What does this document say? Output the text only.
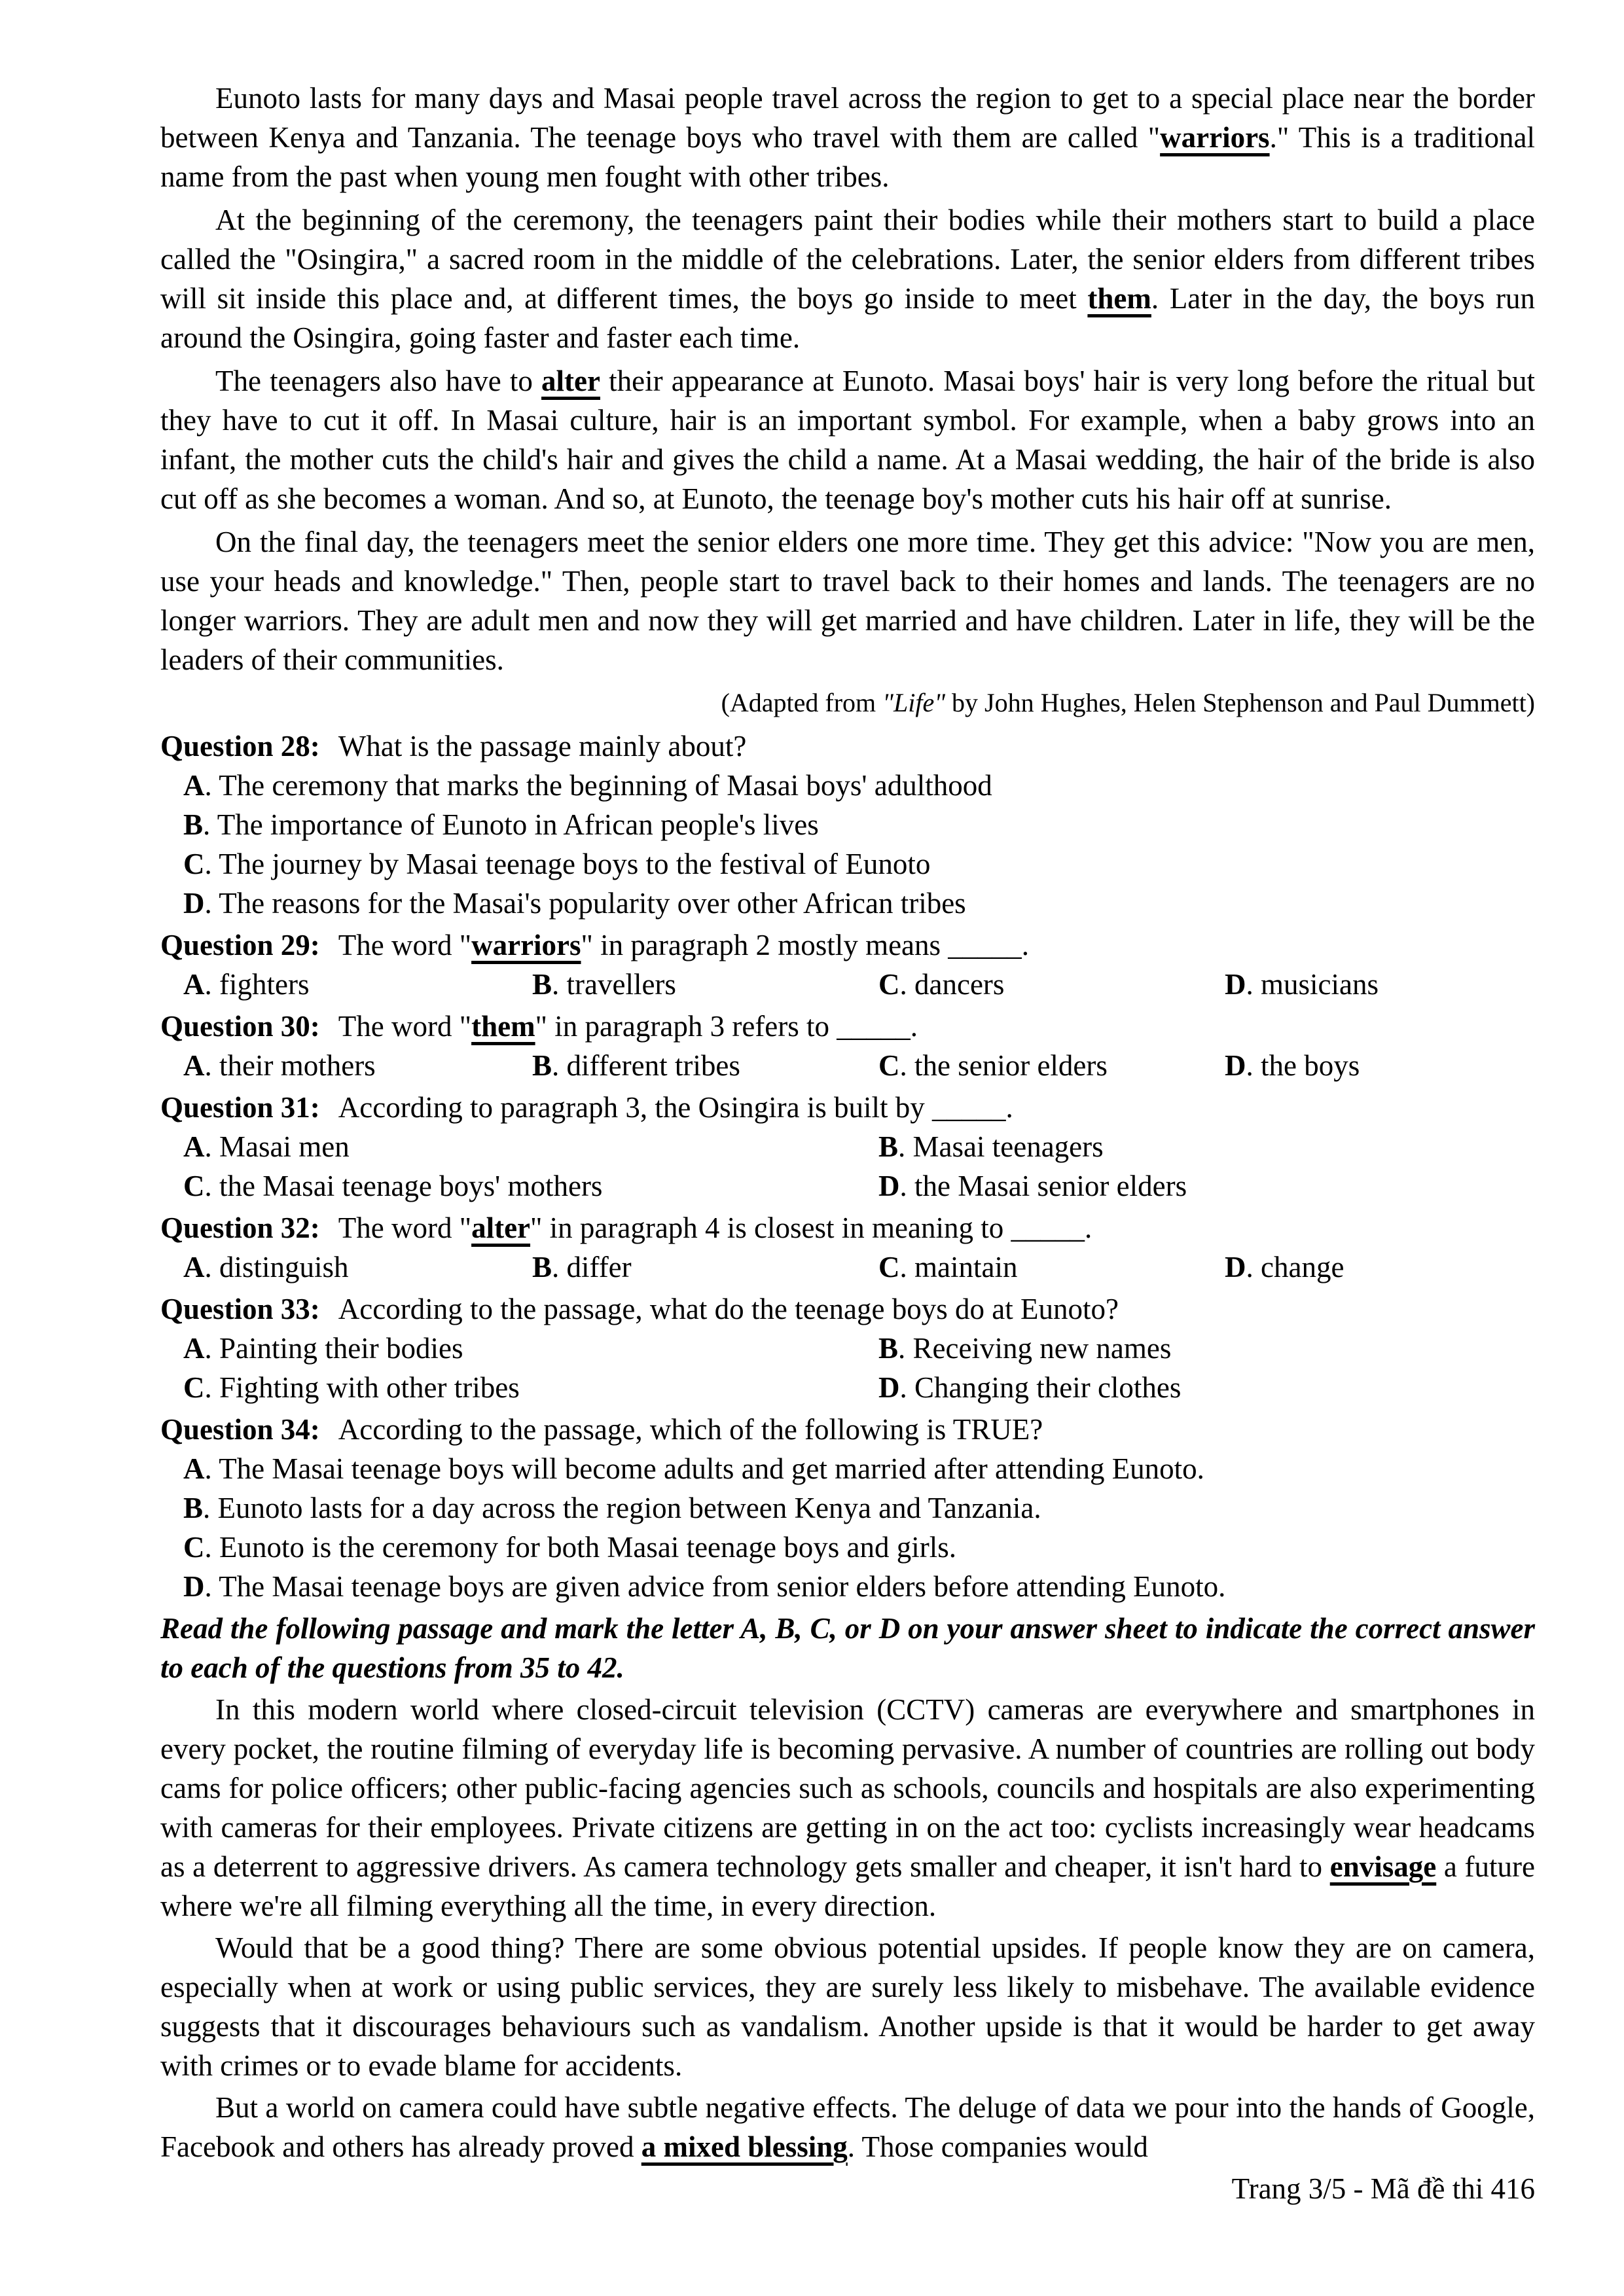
Eunoto lasts for many days and Masai people travel across the region to get to a special place near the border between Kenya and Tanzania. The teenage boys who travel with them are called "warriors." This is a traditional name from the past when young men fought with other tribes.

At the beginning of the ceremony, the teenagers paint their bodies while their mothers start to build a place called the "Osingira," a sacred room in the middle of the celebrations. Later, the senior elders from different tribes will sit inside this place and, at different times, the boys go inside to meet them. Later in the day, the boys run around the Osingira, going faster and faster each time.

The teenagers also have to alter their appearance at Eunoto. Masai boys' hair is very long before the ritual but they have to cut it off. In Masai culture, hair is an important symbol. For example, when a baby grows into an infant, the mother cuts the child's hair and gives the child a name. At a Masai wedding, the hair of the bride is also cut off as she becomes a woman. And so, at Eunoto, the teenage boy's mother cuts his hair off at sunrise.

On the final day, the teenagers meet the senior elders one more time. They get this advice: "Now you are men, use your heads and knowledge." Then, people start to travel back to their homes and lands. The teenagers are no longer warriors. They are adult men and now they will get married and have children. Later in life, they will be the leaders of their communities.

(Adapted from "Life" by John Hughes, Helen Stephenson and Paul Dummett)

Question 28: What is the passage mainly about?

A. The ceremony that marks the beginning of Masai boys' adulthood
B. The importance of Eunoto in African people's lives
C. The journey by Masai teenage boys to the festival of Eunoto
D. The reasons for the Masai's popularity over other African tribes

Question 29: The word "warriors" in paragraph 2 mostly means _____.

A. fighters	B. travellers	C. dancers	D. musicians

Question 30: The word "them" in paragraph 3 refers to _____.

A. their mothers	B. different tribes	C. the senior elders	D. the boys

Question 31: According to paragraph 3, the Osingira is built by _____.

A. Masai men	B. Masai teenagers
C. the Masai teenage boys' mothers	D. the Masai senior elders

Question 32: The word "alter" in paragraph 4 is closest in meaning to _____.

A. distinguish	B. differ	C. maintain	D. change

Question 33: According to the passage, what do the teenage boys do at Eunoto?

A. Painting their bodies	B. Receiving new names
C. Fighting with other tribes	D. Changing their clothes

Question 34: According to the passage, which of the following is TRUE?

A. The Masai teenage boys will become adults and get married after attending Eunoto.
B. Eunoto lasts for a day across the region between Kenya and Tanzania.
C. Eunoto is the ceremony for both Masai teenage boys and girls.
D. The Masai teenage boys are given advice from senior elders before attending Eunoto.

Read the following passage and mark the letter A, B, C, or D on your answer sheet to indicate the correct answer to each of the questions from 35 to 42.

In this modern world where closed-circuit television (CCTV) cameras are everywhere and smartphones in every pocket, the routine filming of everyday life is becoming pervasive. A number of countries are rolling out body cams for police officers; other public-facing agencies such as schools, councils and hospitals are also experimenting with cameras for their employees. Private citizens are getting in on the act too: cyclists increasingly wear headcams as a deterrent to aggressive drivers. As camera technology gets smaller and cheaper, it isn't hard to envisage a future where we're all filming everything all the time, in every direction.

Would that be a good thing? There are some obvious potential upsides. If people know they are on camera, especially when at work or using public services, they are surely less likely to misbehave. The available evidence suggests that it discourages behaviours such as vandalism. Another upside is that it would be harder to get away with crimes or to evade blame for accidents.

But a world on camera could have subtle negative effects. The deluge of data we pour into the hands of Google, Facebook and others has already proved a mixed blessing. Those companies would

Trang 3/5 - Mã đề thi 416
